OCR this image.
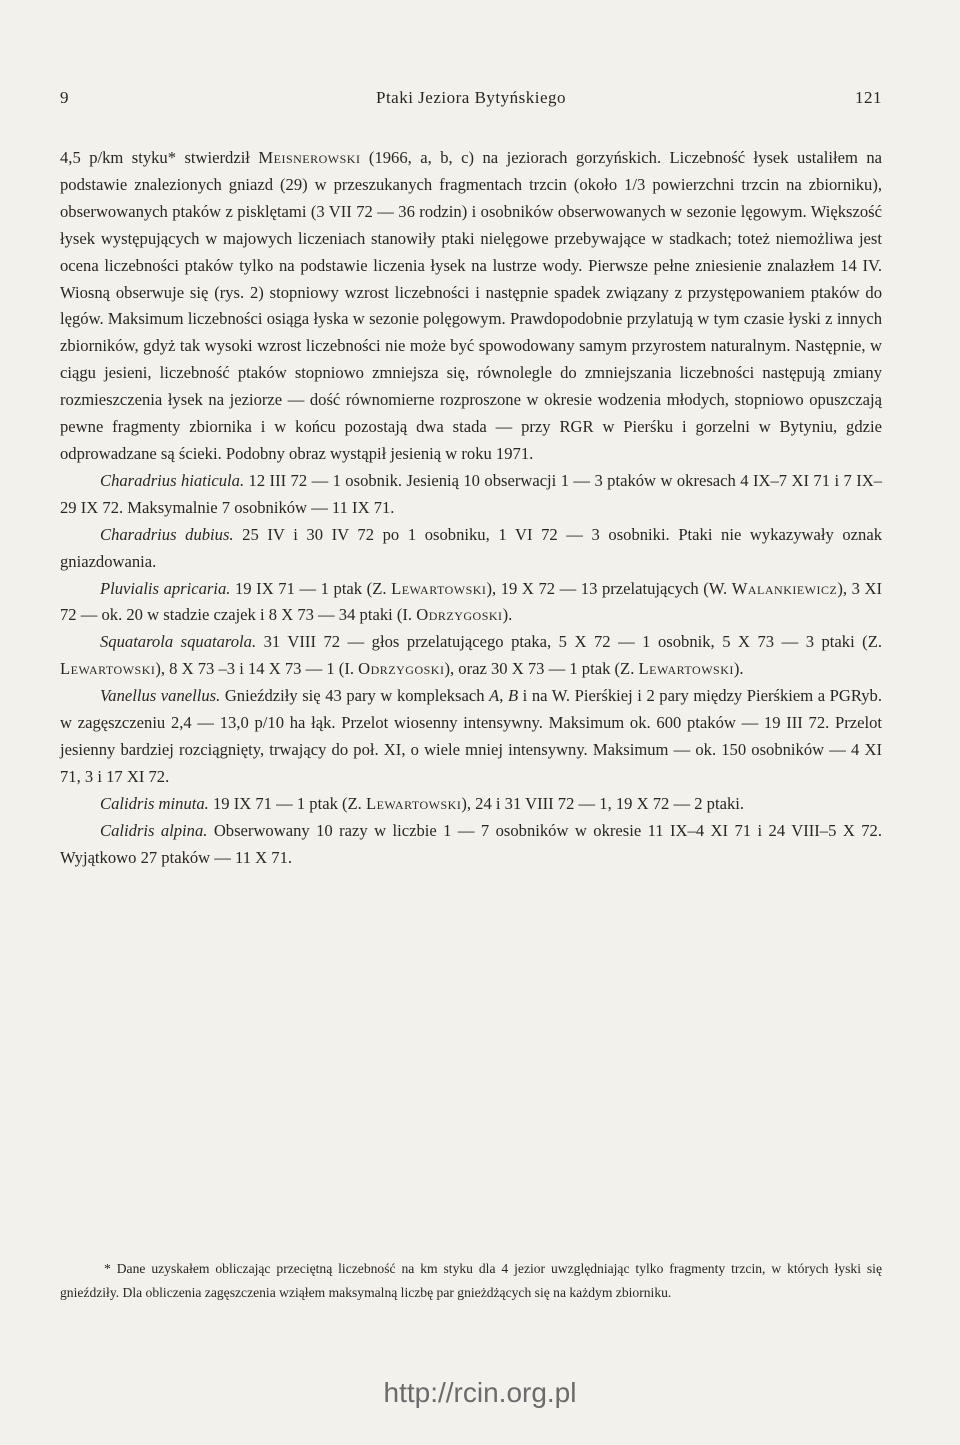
9	Ptaki Jeziora Bytyńskiego	121

4,5 p/km styku* stwierdził Meisnerowski (1966, a, b, c) na jeziorach gorzyńskich. Liczebność łysek ustaliłem na podstawie znalezionych gniazd (29) w przeszukanych fragmentach trzcin (około 1/3 powierzchni trzcin na zbiorniku), obserwowanych ptaków z pisklętami (3 VII 72 — 36 rodzin) i osobników obserwowanych w sezonie lęgowym. Większość łysek występujących w majowych liczeniach stanowiły ptaki nielęgowe przebywające w stadkach; toteż niemożliwa jest ocena liczebności ptaków tylko na podstawie liczenia łysek na lustrze wody. Pierwsze pełne zniesienie znalazłem 14 IV. Wiosną obserwuje się (rys. 2) stopniowy wzrost liczebności i następnie spadek związany z przystępowaniem ptaków do lęgów. Maksimum liczebności osiąga łyska w sezonie polęgowym. Prawdopodobnie przylatują w tym czasie łyski z innych zbiorników, gdyż tak wysoki wzrost liczebności nie może być spowodowany samym przyrostem naturalnym. Następnie, w ciągu jesieni, liczebność ptaków stopniowo zmniejsza się, równolegle do zmniejszania liczebności następują zmiany rozmieszczenia łysek na jeziorze — dość równomierne rozproszone w okresie wodzenia młodych, stopniowo opuszczają pewne fragmenty zbiornika i w końcu pozostają dwa stada — przy RGR w Pierśku i gorzelni w Bytyniu, gdzie odprowadzane są ścieki. Podobny obraz wystąpił jesienią w roku 1971.

Charadrius hiaticula. 12 III 72 — 1 osobnik. Jesienią 10 obserwacji 1 — 3 ptaków w okresach 4 IX–7 XI 71 i 7 IX–29 IX 72. Maksymalnie 7 osobników — 11 IX 71.

Charadrius dubius. 25 IV i 30 IV 72 po 1 osobniku, 1 VI 72 — 3 osobniki. Ptaki nie wykazywały oznak gniazdowania.

Pluvialis apricaria. 19 IX 71 — 1 ptak (Z. Lewartowski), 19 X 72 — 13 przelatujących (W. Walankiewicz), 3 XI 72 — ok. 20 w stadzie czajek i 8 X 73 — 34 ptaki (I. Odrzygoski).

Squatarola squatarola. 31 VIII 72 — głos przelatującego ptaka, 5 X 72 — 1 osobnik, 5 X 73 — 3 ptaki (Z. Lewartowski), 8 X 73 –3 i 14 X 73 — 1 (I. Odrzygoski), oraz 30 X 73 — 1 ptak (Z. Lewartowski).

Vanellus vanellus. Gnieździły się 43 pary w kompleksach A, B i na W. Pierśkiej i 2 pary między Pierśkiem a PGRyb. w zagęszczeniu 2,4 — 13,0 p/10 ha łąk. Przelot wiosenny intensywny. Maksimum ok. 600 ptaków — 19 III 72. Przelot jesienny bardziej rozciągnięty, trwający do poł. XI, o wiele mniej intensywny. Maksimum — ok. 150 osobników — 4 XI 71, 3 i 17 XI 72.

Calidris minuta. 19 IX 71 — 1 ptak (Z. Lewartowski), 24 i 31 VIII 72 — 1, 19 X 72 — 2 ptaki.

Calidris alpina. Obserwowany 10 razy w liczbie 1 — 7 osobników w okresie 11 IX–4 XI 71 i 24 VIII–5 X 72. Wyjątkowo 27 ptaków — 11 X 71.

* Dane uzyskałem obliczając przeciętną liczebność na km styku dla 4 jezior uwzględniając tylko fragmenty trzcin, w których łyski się gnieździły. Dla obliczenia zagęszczenia wziąłem maksymalną liczbę par gnieżdżących się na każdym zbiorniku.
http://rcin.org.pl
